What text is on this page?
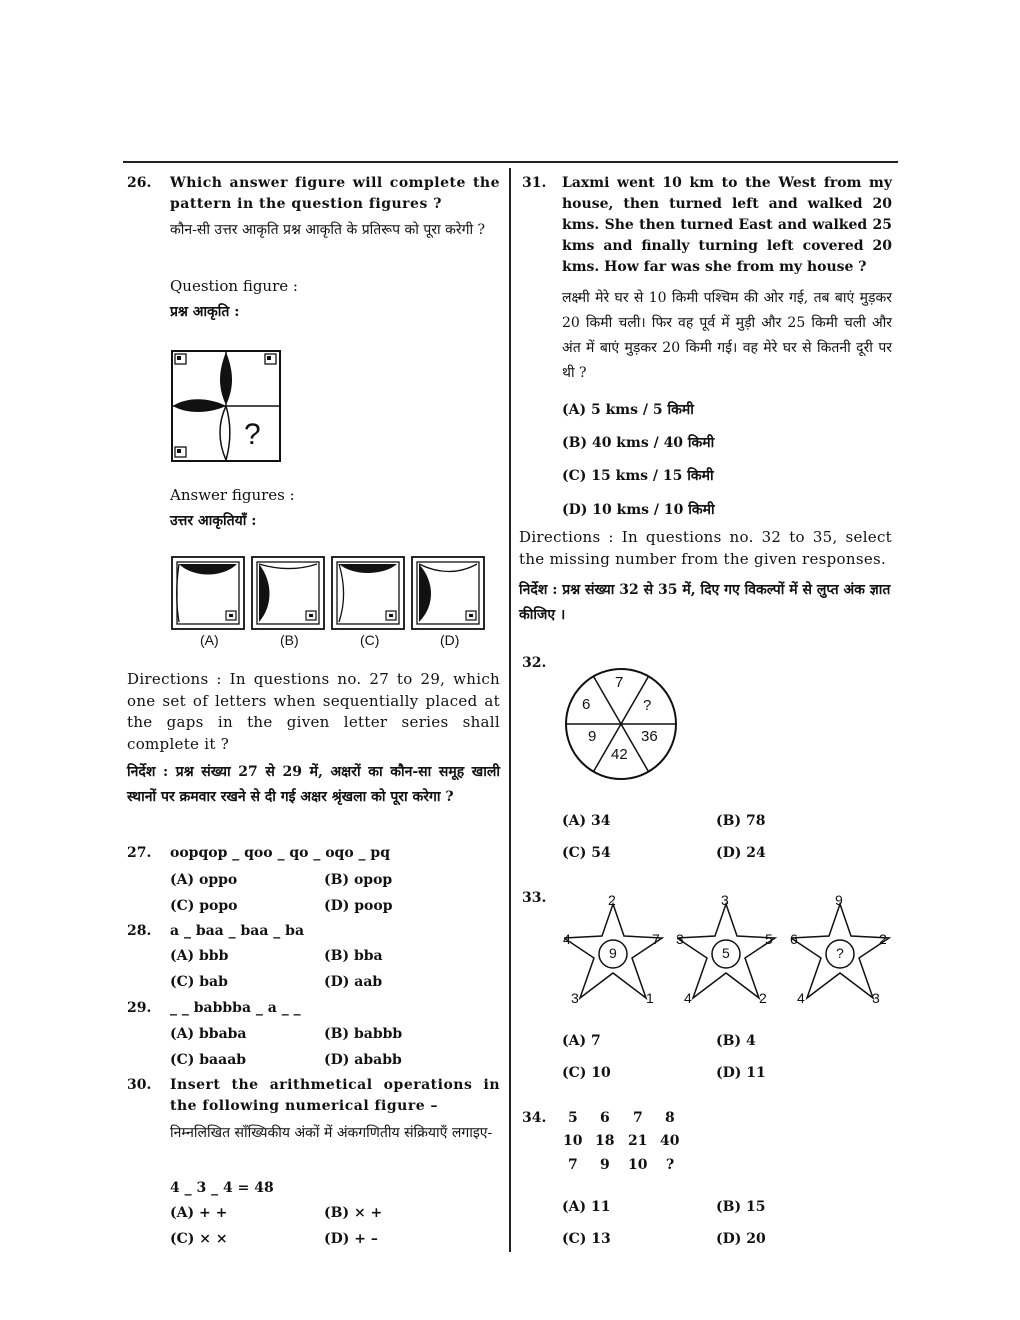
26. Which answer figure will complete the pattern in the question figures ?
कौन-सी उत्तर आकृति प्रश्न आकृति के प्रतिरूप को पूरा करेगी ?
Question figure :
प्रश्न आकृति :
?
Answer figures :
उत्तर आकृतियाँ :
(A)	(B)	(C)	(D)
Directions : In questions no. 27 to 29, which one set of letters when sequentially placed at the gaps in the given letter series shall complete it ?
निर्देश : प्रश्न संख्या 27 से 29 में, अक्षरों का कौन-सा समूह खाली स्थानों पर क्रमवार रखने से दी गई अक्षर श्रृंखला को पूरा करेगा ?
27. oopqop _ qoo _ qo _ oqo _ pq
(A) oppo	(B) opop
(C) popo	(D) poop
28. a _ baa _ baa _ ba
(A) bbb	(B) bba
(C) bab	(D) aab
29. _ _ babbba _ a _ _
(A) bbaba	(B) babbb
(C) baaab	(D) ababb
30. Insert the arithmetical operations in the following numerical figure –
निम्नलिखित साँख्यिकीय अंकों में अंकगणितीय संक्रियाएँ लगाइए-
4 _ 3 _ 4 = 48
(A) + +	(B) × +
(C) × ×	(D) + –
31. Laxmi went 10 km to the West from my house, then turned left and walked 20 kms. She then turned East and walked 25 kms and finally turning left covered 20 kms. How far was she from my house ?
लक्ष्मी मेरे घर से 10 किमी पश्चिम की ओर गई, तब बाएं मुड़कर 20 किमी चली। फिर वह पूर्व में मुड़ी और 25 किमी चली और अंत में बाएं मुड़कर 20 किमी गई। वह मेरे घर से कितनी दूरी पर थी ?
(A) 5 kms / 5 किमी
(B) 40 kms / 40 किमी
(C) 15 kms / 15 किमी
(D) 10 kms / 10 किमी
Directions : In questions no. 32 to 35, select the missing number from the given responses.
निर्देश : प्रश्न संख्या 32 से 35 में, दिए गए विकल्पों में से लुप्त अंक ज्ञात कीजिए ।
32.
7
?
36
42
9
6
(A) 34	(B) 78
(C) 54	(D) 24
33.	2
7
1
3
4
9
3
5
2
4
3
5
9
2
3
4
6
?
(A) 7	(B) 4
(C) 10	(D) 11
34. 5 6 7 8
10 18 21 40
7 9 10 ?
(A) 11	(B) 15
(C) 13	(D) 20
